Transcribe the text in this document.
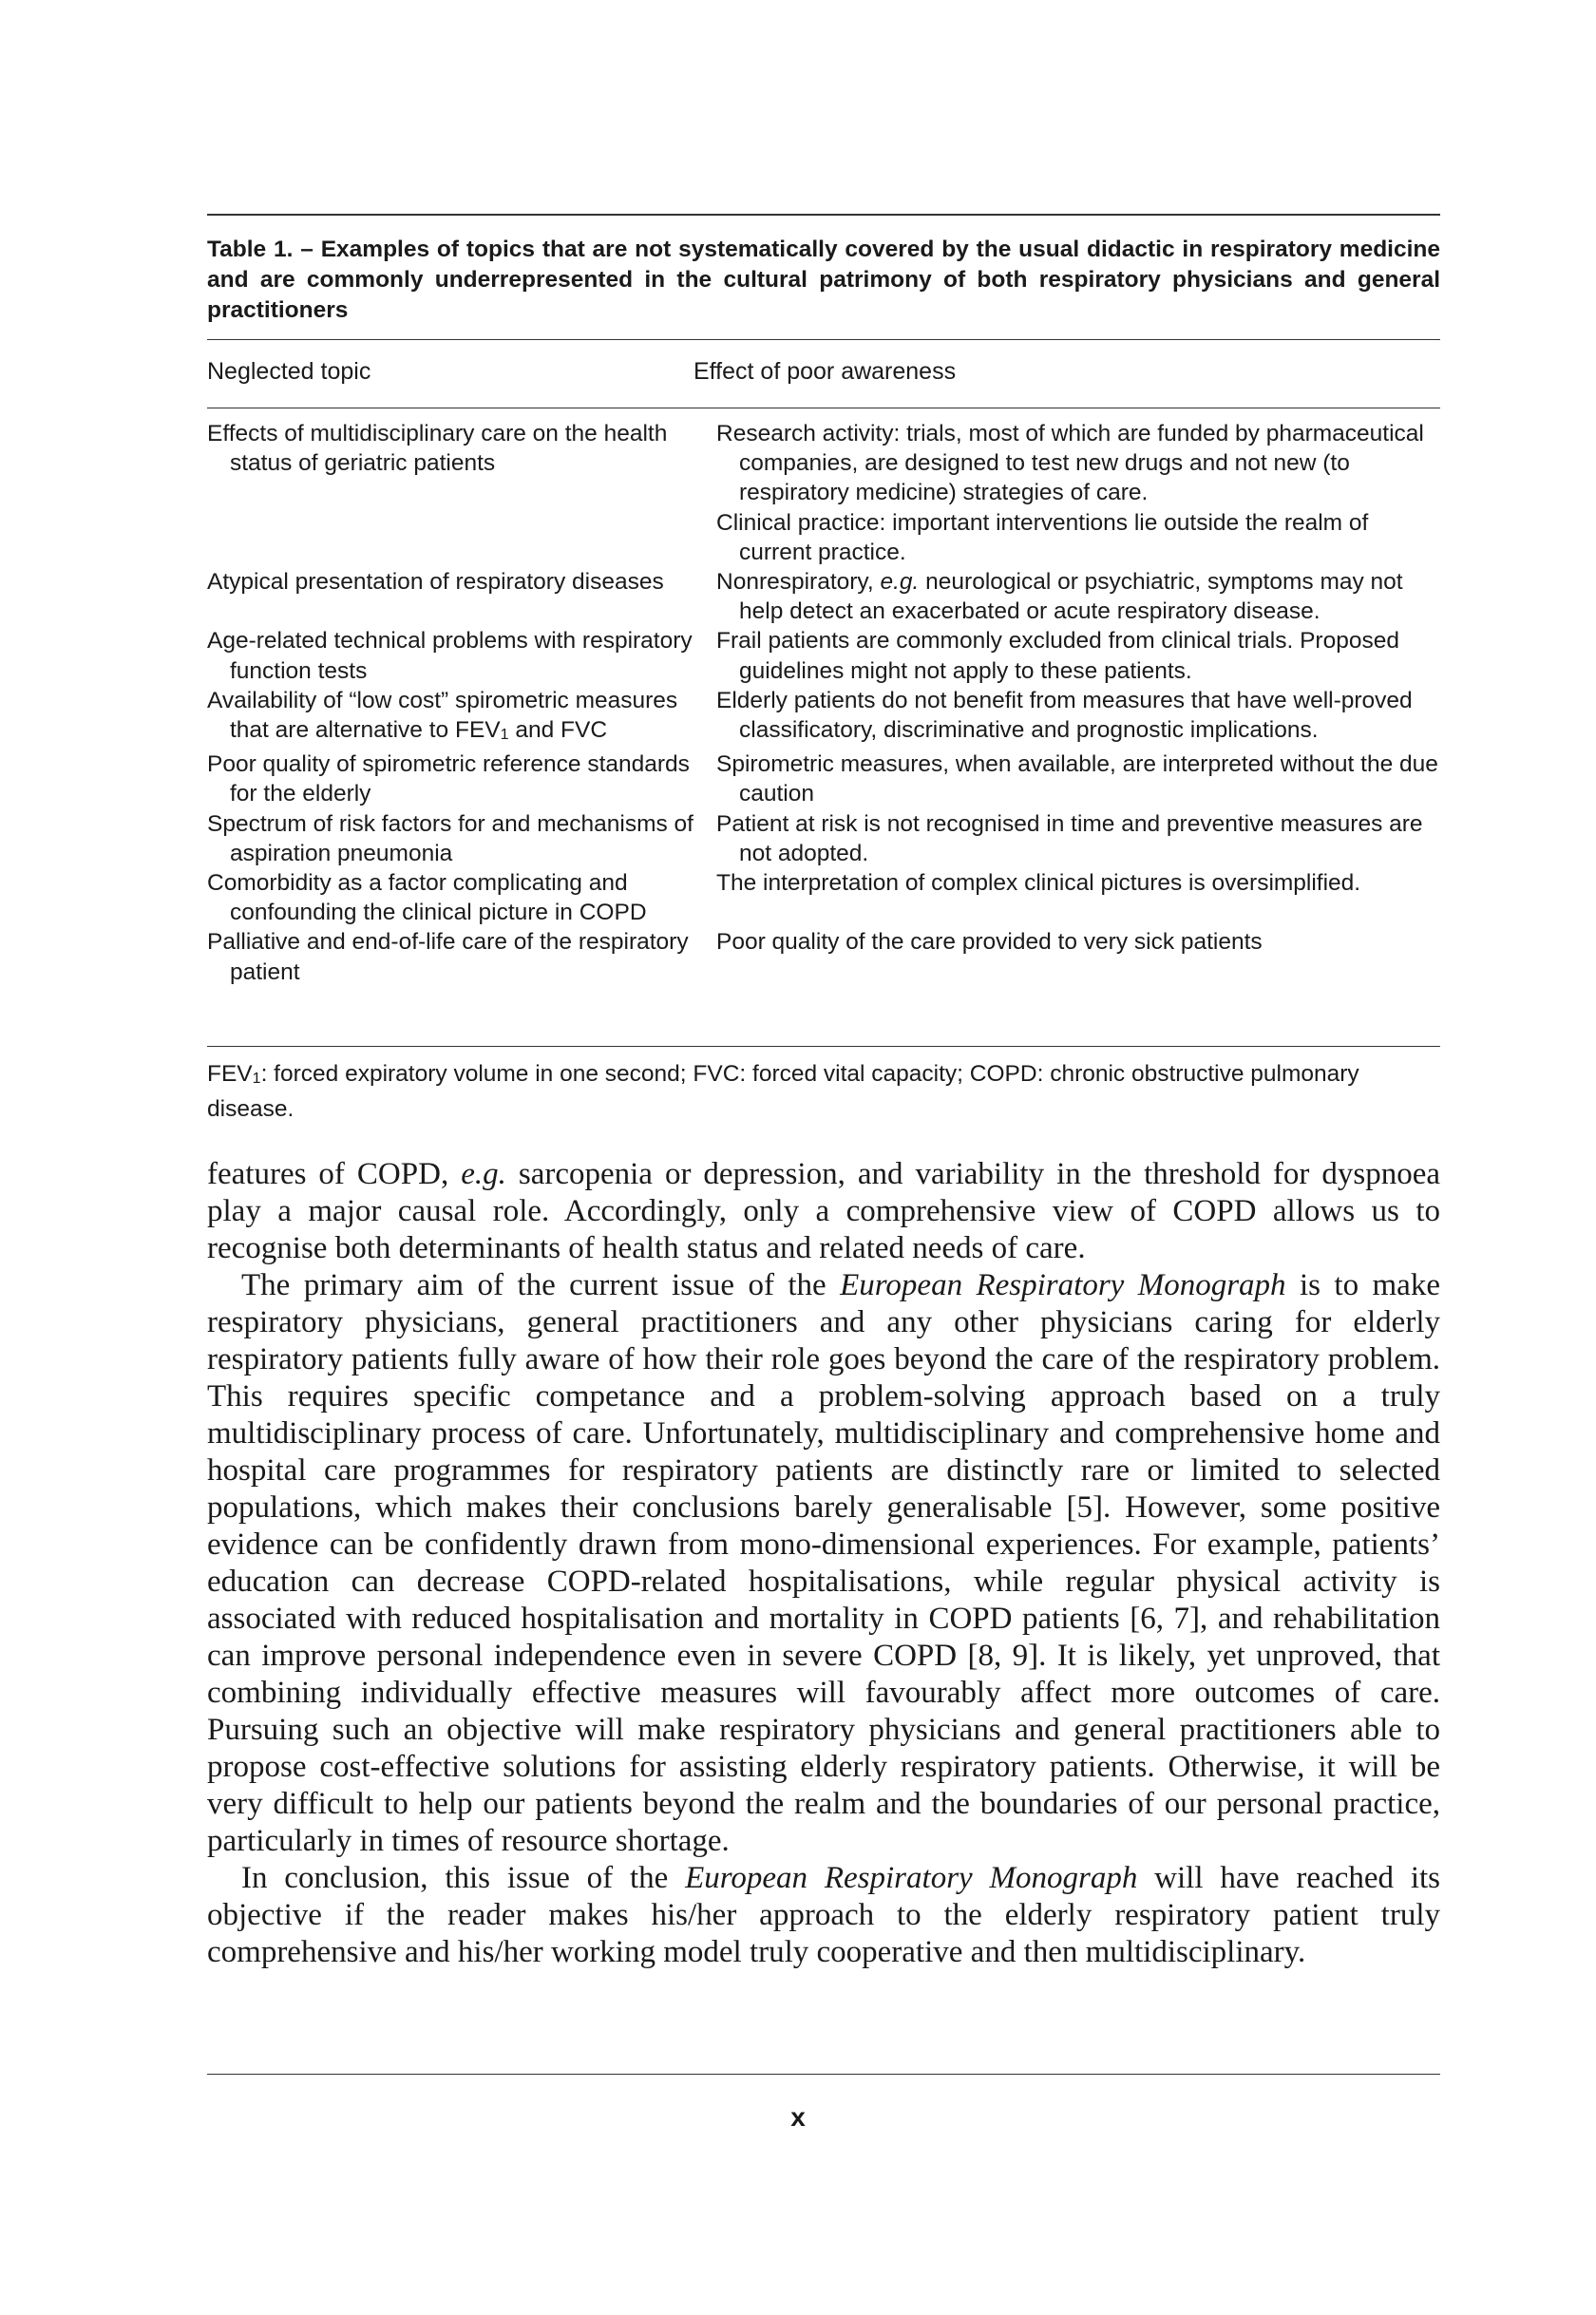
Table 1. – Examples of topics that are not systematically covered by the usual didactic in respiratory medicine and are commonly underrepresented in the cultural patrimony of both respiratory physicians and general practitioners
Neglected topic	Effect of poor awareness
Effects of multidisciplinary care on the health status of geriatric patients
Research activity: trials, most of which are funded by pharmaceutical companies, are designed to test new drugs and not new (to respiratory medicine) strategies of care.
Clinical practice: important interventions lie outside the realm of current practice.
Atypical presentation of respiratory diseases	Nonrespiratory, e.g. neurological or psychiatric, symptoms may not help detect an exacerbated or acute respiratory disease.
Age-related technical problems with respiratory function tests
Frail patients are commonly excluded from clinical trials. Proposed guidelines might not apply to these patients.
Availability of “low cost” spirometric measures that are alternative to $FEV_1$ and FVC
Elderly patients do not benefit from measures that have well-proved classificatory, discriminative and prognostic implications.
Poor quality of spirometric reference standards for the elderly
Spirometric measures, when available, are interpreted without the due caution
Spectrum of risk factors for and mechanisms of aspiration pneumonia
Patient at risk is not recognised in time and preventive measures are not adopted.
Comorbidity as a factor complicating and confounding the clinical picture in COPD
The interpretation of complex clinical pictures is oversimplified.
Palliative and end-of-life care of the respiratory patient
Poor quality of the care provided to very sick patients
$FEV_1$: forced expiratory volume in one second; FVC: forced vital capacity; COPD: chronic obstructive pulmonary disease.

features of COPD, e.g. sarcopenia or depression, and variability in the threshold for dyspnoea play a major causal role. Accordingly, only a comprehensive view of COPD allows us to recognise both determinants of health status and related needs of care.

The primary aim of the current issue of the European Respiratory Monograph is to make respiratory physicians, general practitioners and any other physicians caring for elderly respiratory patients fully aware of how their role goes beyond the care of the respiratory problem. This requires specific competance and a problem-solving approach based on a truly multidisciplinary process of care. Unfortunately, multidisciplinary and comprehensive home and hospital care programmes for respiratory patients are distinctly rare or limited to selected populations, which makes their conclusions barely generalisable [5]. However, some positive evidence can be confidently drawn from mono-dimensional experiences. For example, patients’ education can decrease COPD-related hospitalisations, while regular physical activity is associated with reduced hospitalisation and mortality in COPD patients [6, 7], and rehabilitation can improve personal independence even in severe COPD [8, 9]. It is likely, yet unproved, that combining individually effective measures will favourably affect more outcomes of care. Pursuing such an objective will make respiratory physicians and general practitioners able to propose cost-effective solutions for assisting elderly respiratory patients. Otherwise, it will be very difficult to help our patients beyond the realm and the boundaries of our personal practice, particularly in times of resource shortage.

In conclusion, this issue of the European Respiratory Monograph will have reached its objective if the reader makes his/her approach to the elderly respiratory patient truly comprehensive and his/her working model truly cooperative and then multidisciplinary.

x
